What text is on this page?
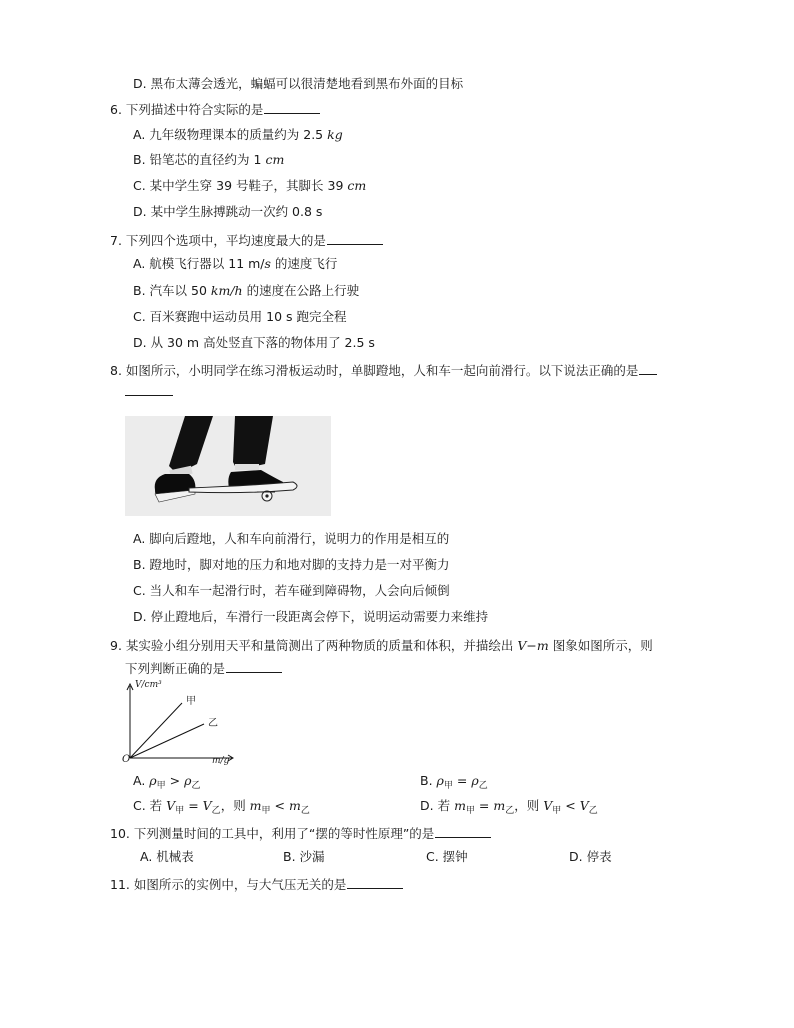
D. 黑布太薄会透光，蝙蝠可以很清楚地看到黑布外面的目标
6. 下列描述中符合实际的是
A. 九年级物理课本的质量约为 2.5 kg
B. 铅笔芯的直径约为 1 cm
C. 某中学生穿 39 号鞋子，其脚长 39 cm
D. 某中学生脉搏跳动一次约 0.8 s
7. 下列四个选项中，平均速度最大的是
A. 航模飞行器以 11 m/s 的速度飞行
B. 汽车以 50 km/h 的速度在公路上行驶
C. 百米赛跑中运动员用 10 s 跑完全程
D. 从 30 m 高处竖直下落的物体用了 2.5 s
8. 如图所示，小明同学在练习滑板运动时，单脚蹬地，人和车一起向前滑行。以下说法正确的是
A. 脚向后蹬地，人和车向前滑行，说明力的作用是相互的
B. 蹬地时，脚对地的压力和地对脚的支持力是一对平衡力
C. 当人和车一起滑行时，若车碰到障碍物，人会向后倾倒
D. 停止蹬地后，车滑行一段距离会停下，说明运动需要力来维持
9. 某实验小组分别用天平和量筒测出了两种物质的质量和体积，并描绘出 V−m 图象如图所示，则
下列判断正确的是
V/cm³
m/g
O
甲
乙
A. $\rho_甲 > \rho_乙$	B. $\rho_甲 = \rho_乙$
C. 若 $V_甲 = V_乙$，则 $m_甲 < m_乙$	D. 若 $m_甲 = m_乙$，则 $V_甲 < V_乙$
10. 下列测量时间的工具中，利用了“摆的等时性原理”的是
A. 机械表	B. 沙漏	C. 摆钟	D. 停表
11. 如图所示的实例中，与大气压无关的是
